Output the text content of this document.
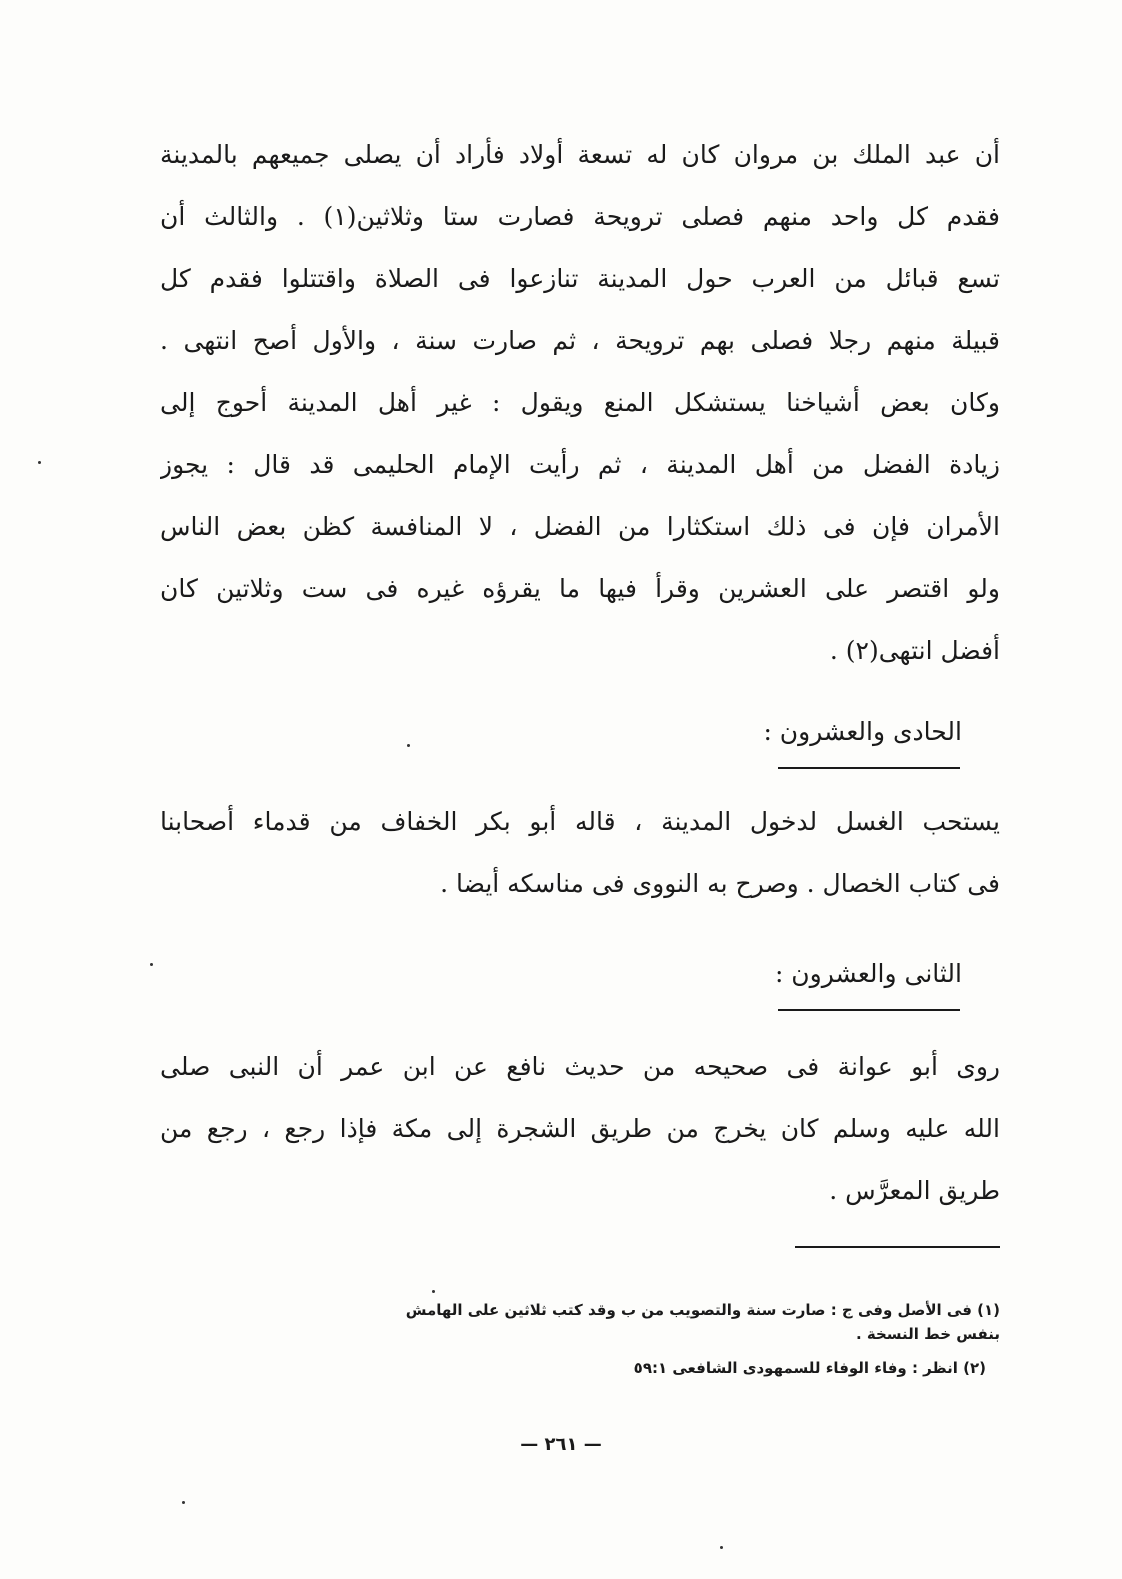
أن عبد الملك بن مروان كان له تسعة أولاد فأراد أن يصلى جميعهم بالمدينة
فقدم كل واحد منهم فصلى ترويحة فصارت ستا وثلاثين(١) . والثالث أن
تسع قبائل من العرب حول المدينة تنازعوا فى الصلاة واقتتلوا فقدم كل
قبيلة منهم رجلا فصلى بهم ترويحة ، ثم صارت سنة ، والأول أصح انتهى .
وكان بعض أشياخنا يستشكل المنع ويقول : غير أهل المدينة أحوج إلى
زيادة الفضل من أهل المدينة ، ثم رأيت الإمام الحليمى قد قال : يجوز
الأمران فإن فى ذلك استكثارا من الفضل ، لا المنافسة كظن بعض الناس
ولو اقتصر على العشرين وقرأ فيها ما يقرؤه غيره فى ست وثلاتين كان
أفضل انتهى(٢) .
الحادى والعشرون :
يستحب الغسل لدخول المدينة ، قاله أبو بكر الخفاف من قدماء أصحابنا
فى كتاب الخصال . وصرح به النووى فى مناسكه أيضا .
الثانى والعشرون :
روى أبو عوانة فى صحيحه من حديث نافع عن ابن عمر أن النبى صلى
الله عليه وسلم كان يخرج من طريق الشجرة إلى مكة فإذا رجع ، رجع من
طريق المعرَّس .
(١) فى الأصل وفى ج : صارت سنة والتصويب من ب وقد كتب ثلاثين على الهامش
بنفس خط النسخة .
(٢) انظر : وفاء الوفاء للسمهودى الشافعى ٥٩:١
— ٢٦١ —
